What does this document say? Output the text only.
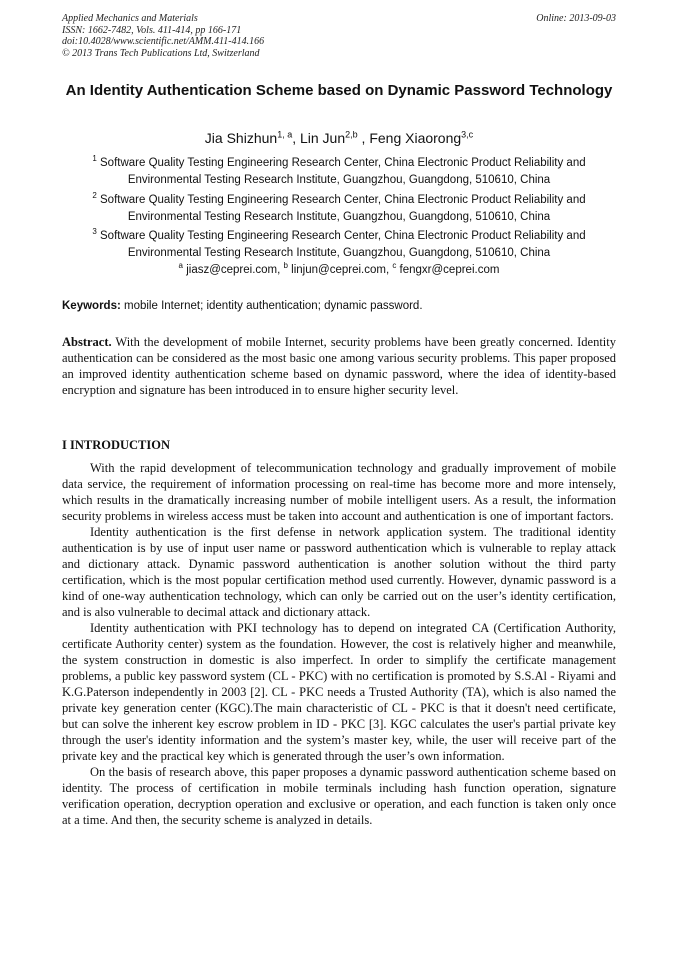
Applied Mechanics and Materials
ISSN: 1662-7482, Vols. 411-414, pp 166-171
doi:10.4028/www.scientific.net/AMM.411-414.166
© 2013 Trans Tech Publications Ltd, Switzerland
Online: 2013-09-03
An Identity Authentication Scheme based on Dynamic Password Technology
Jia Shizhun$^{1, a}$, Lin Jun$^{2,b}$ , Feng Xiaorong$^{3,c}$
$^1$ Software Quality Testing Engineering Research Center, China Electronic Product Reliability and Environmental Testing Research Institute, Guangzhou, Guangdong, 510610, China
$^2$ Software Quality Testing Engineering Research Center, China Electronic Product Reliability and Environmental Testing Research Institute, Guangzhou, Guangdong, 510610, China
$^3$ Software Quality Testing Engineering Research Center, China Electronic Product Reliability and Environmental Testing Research Institute, Guangzhou, Guangdong, 510610, China
$^a$ jiasz@ceprei.com, $^b$ linjun@ceprei.com, $^c$ fengxr@ceprei.com
Keywords: mobile Internet; identity authentication; dynamic password.

Abstract. With the development of mobile Internet, security problems have been greatly concerned. Identity authentication can be considered as the most basic one among various security problems. This paper proposed an improved identity authentication scheme based on dynamic password, where the idea of identity-based encryption and signature has been introduced in to ensure higher security level.

I INTRODUCTION

With the rapid development of telecommunication technology and gradually improvement of mobile data service, the requirement of information processing on real-time has become more and more intensely, which results in the dramatically increasing number of mobile intelligent users. As a result, the information security problems in wireless access must be taken into account and authentication is one of important factors.

Identity authentication is the first defense in network application system. The traditional identity authentication is by use of input user name or password authentication which is vulnerable to replay attack and dictionary attack. Dynamic password authentication is another solution without the third party certification, which is the most popular certification method used currently. However, dynamic password is a kind of one-way authentication technology, which can only be carried out on the user’s identity certification, and is also vulnerable to decimal attack and dictionary attack.

Identity authentication with PKI technology has to depend on integrated CA (Certification Authority, certificate Authority center) system as the foundation. However, the cost is relatively higher and meanwhile, the system construction in domestic is also imperfect. In order to simplify the certificate management problems, a public key password system (CL - PKC) with no certification is promoted by S.S.Al - Riyami and K.G.Paterson independently in 2003 [2]. CL - PKC needs a Trusted Authority (TA), which is also named the private key generation center (KGC).The main characteristic of CL - PKC is that it doesn't need certificate, but can solve the inherent key escrow problem in ID - PKC [3]. KGC calculates the user's partial private key through the user's identity information and the system’s master key, while, the user will receive part of the private key and the practical key which is generated through the user’s own information.

On the basis of research above, this paper proposes a dynamic password authentication scheme based on identity. The process of certification in mobile terminals including hash function operation, signature verification operation, decryption operation and exclusive or operation, and each function is taken only once at a time. And then, the security scheme is analyzed in details.
